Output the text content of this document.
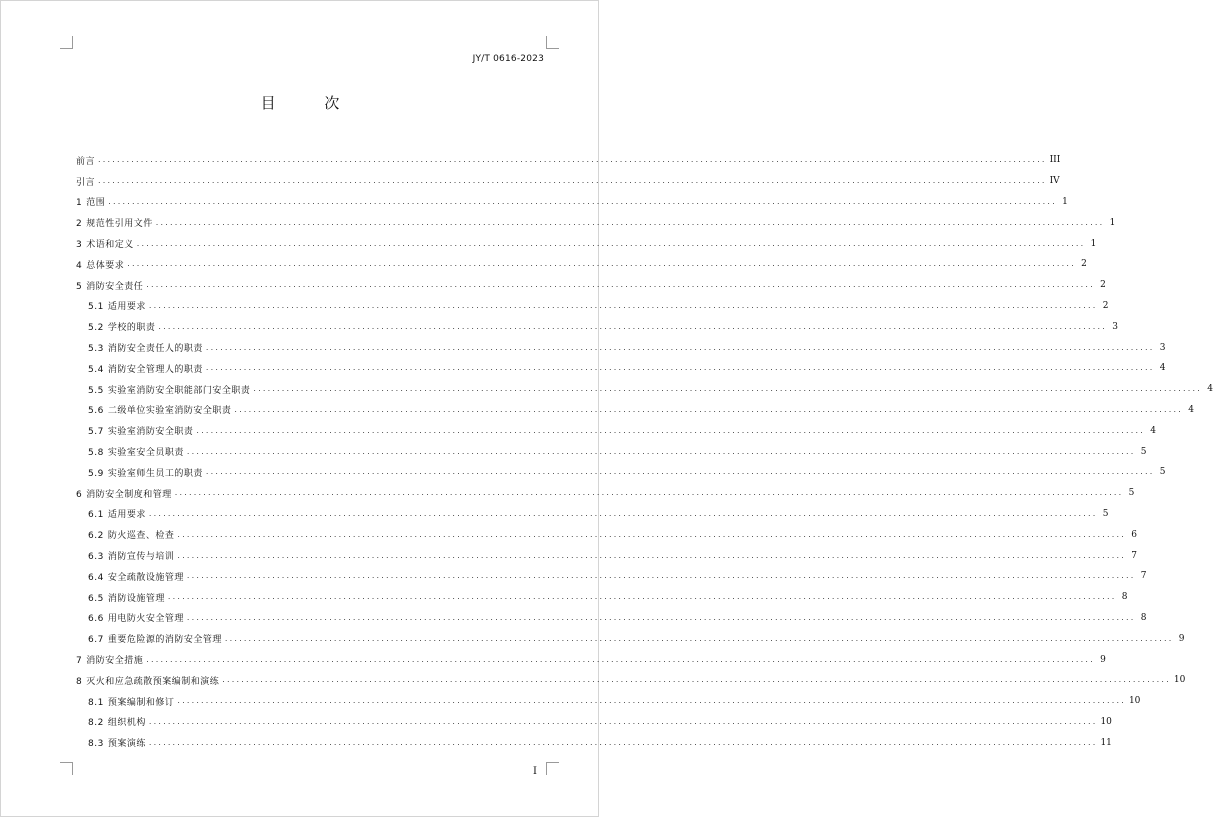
JY/T 0616-2023
目 次
前言 ........................................................................................................................................................................................................ III
引言 ........................................................................................................................................................................................................ IV
1 范围 ........................................................................................................................................................................................................ 1
2 规范性引用文件 ........................................................................................................................................................................................................ 1
3 术语和定义 ........................................................................................................................................................................................................ 1
4 总体要求 ........................................................................................................................................................................................................ 2
5 消防安全责任 ........................................................................................................................................................................................................ 2
5.1 适用要求 ........................................................................................................................................................................................................ 2
5.2 学校的职责 ........................................................................................................................................................................................................ 3
5.3 消防安全责任人的职责 ........................................................................................................................................................................................................ 3
5.4 消防安全管理人的职责 ........................................................................................................................................................................................................ 4
5.5 实验室消防安全职能部门安全职责 ........................................................................................................................................................................................................ 4
5.6 二级单位实验室消防安全职责 ........................................................................................................................................................................................................ 4
5.7 实验室消防安全职责 ........................................................................................................................................................................................................ 4
5.8 实验室安全员职责 ........................................................................................................................................................................................................ 5
5.9 实验室师生员工的职责 ........................................................................................................................................................................................................ 5
6 消防安全制度和管理 ........................................................................................................................................................................................................ 5
6.1 适用要求 ........................................................................................................................................................................................................ 5
6.2 防火巡查、检查 ........................................................................................................................................................................................................ 6
6.3 消防宣传与培训 ........................................................................................................................................................................................................ 7
6.4 安全疏散设施管理 ........................................................................................................................................................................................................ 7
6.5 消防设施管理 ........................................................................................................................................................................................................ 8
6.6 用电防火安全管理 ........................................................................................................................................................................................................ 8
6.7 重要危险源的消防安全管理 ........................................................................................................................................................................................................ 9
7 消防安全措施 ........................................................................................................................................................................................................ 9
8 灭火和应急疏散预案编制和演练 ........................................................................................................................................................................................................ 10
8.1 预案编制和修订 ........................................................................................................................................................................................................ 10
8.2 组织机构 ........................................................................................................................................................................................................ 10
8.3 预案演练 ........................................................................................................................................................................................................ 11
I
